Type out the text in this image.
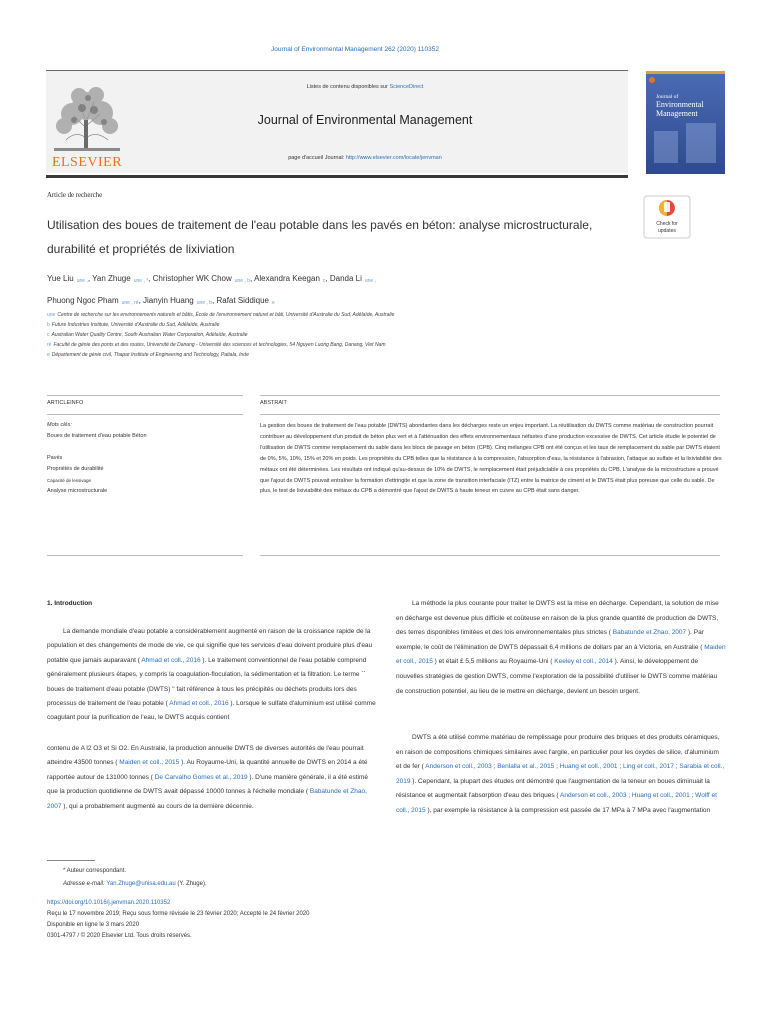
Journal of Environmental Management 262 (2020) 110352
ELSEVIER
Listes de contenu disponibles sur ScienceDirect
Journal of Environmental Management
page d'accueil Journal: http://www.elsevier.com/locate/jenvman
Journal of
Environmental
Management
Article de recherche
Utilisation des boues de traitement de l'eau potable dans les pavés en béton: analyse microstructurale, durabilité et propriétés de lixiviation
Check for
updates
Yue Liu $_{une ,}$, Yan Zhuge $_{une , *}$, Christopher WK Chow $_{une , b}$, Alexandra Keegan $_c$, Danda Li $_{une ,}$
Phuong Ngoc Pham $_{une , ré}$, Jianyin Huang $_{une , b}$, Rafat Siddique $_e$
une Centre de recherche sur les environnements naturels et bâtis, École de l'environnement naturel et bâti, Université d'Australie du Sud, Adélaïde, Australie
b Future Industries Institute, Université d'Australie du Sud, Adélaïde, Australie
c Australian Water Quality Centre, South Australian Water Corporation, Adélaïde, Australie
ré Faculté de génie des ponts et des routes, Université de Danang - Université des sciences et technologies, 54 Nguyen Luong Bang, Danang, Viet Nam
e Département de génie civil, Thapar Institute of Engineering and Technology, Patiala, Inde
ARTICLEINFO	ABSTRAIT
Mots clés:
Boues de traitement d'eau potable Béton
Pavés
Propriétés de durabilité
Capacité de lessivage
Analyse microstructurale
La gestion des boues de traitement de l'eau potable (DWTS) abondantes dans les décharges reste un enjeu important. La réutilisation du DWTS comme matériau de construction pourrait contribuer au développement d'un produit de béton plus vert et à l'atténuation des effets environnementaux néfastes d'une production excessive de DWTS. Cet article étudie le potentiel de l'utilisation de DWTS comme remplacement du sable dans les blocs de pavage en béton (CPB). Cinq mélanges CPB ont été conçus et les taux de remplacement du sable par DWTS étaient de 0%, 5%, 10%, 15% et 20% en poids. Les propriétés du CPB telles que la résistance à la compression, l'absorption d'eau, la résistance à l'abrasion, l'attaque au sulfate et la lixiviabilité des métaux ont été déterminées. Les résultats ont indiqué qu'au-dessus de 10% de DWTS, le remplacement était préjudiciable à ces propriétés du CPB. L'analyse de la microstructure a prouvé que l'ajout de DWTS pouvait entraîner la formation d'ettringite et que la zone de transition interfaciale (ITZ) entre la matrice de ciment et le DWTS était plus poreuse que celle du sable. De plus, le test de lixiviabilité des métaux du CPB a démontré que l'ajout de DWTS à haute teneur en cuivre au CPB était sans danger.
1. Introduction
La demande mondiale d'eau potable a considérablement augmenté en raison de la croissance rapide de la population et des changements de mode de vie, ce qui signifie que les services d'eau doivent produire plus d'eau potable que jamais auparavant ( Ahmad et coll., 2016 ). Le traitement conventionnel de l'eau potable comprend généralement plusieurs étapes, y compris la coagulation-floculation, la sédimentation et la filtration. Le terme `` boues de traitement d'eau potable (DWTS) '' fait référence à tous les précipités ou déchets produits lors des processus de traitement de l'eau potable ( Ahmad et coll., 2016 ). Lorsque le sulfate d'aluminium est utilisé comme coagulant pour la purification de l'eau, le DWTS acquis contient
contenu de A l2 O3 et Si O2. En Australie, la production annuelle DWTS de diverses autorités de l'eau pourrait atteindre 43500 tonnes ( Maiden et coll., 2015 ). Au Royaume-Uni, la quantité annuelle de DWTS en 2014 a été rapportée autour de 131000 tonnes ( De Carvalho Gomes et al., 2019 ). D'une manière générale, il a été estimé que la production quotidienne de DWTS avait dépassé 10000 tonnes à l'échelle mondiale ( Babatunde et Zhao, 2007 ), qui a probablement augmenté au cours de la dernière décennie.
La méthode la plus courante pour traiter le DWTS est la mise en décharge. Cependant, la solution de mise en décharge est devenue plus difficile et coûteuse en raison de la plus grande quantité de production de DWTS, des terres disponibles limitées et des lois environnementales plus strictes ( Babatunde et Zhao, 2007 ). Par exemple, le coût de l'élimination de DWTS dépassait 6,4 millions de dollars par an à Victoria, en Australie ( Maiden et coll., 2015 ) et était £ 5,5 millions au Royaume-Uni ( Keeley et coll., 2014 ). Ainsi, le développement de nouvelles stratégies de gestion DWTS, comme l'exploration de la possibilité d'utiliser le DWTS comme matériau de construction potentiel, au lieu de le mettre en décharge, devient un besoin urgent.
DWTS a été utilisé comme matériau de remplissage pour produire des briques et des produits céramiques, en raison de compositions chimiques similaires avec l'argile, en particulier pour les oxydes de silice, d'aluminium et de fer ( Anderson et coll., 2003 ; Benlalla et al., 2015 ; Huang et coll., 2001 ; Ling et coll., 2017 ; Sarabia et coll., 2019 ). Cependant, la plupart des études ont démontré que l'augmentation de la teneur en boues diminuait la résistance et augmentait l'absorption d'eau des briques ( Anderson et coll., 2003 ; Huang et coll., 2001 ; Wolff et coll., 2015 ), par exemple la résistance à la compression est passée de 17 MPa à 7 MPa avec l'augmentation
* Auteur correspondant.
Adresse e-mail: Yan.Zhuge@unisa.edu.au (Y. Zhuge).
https://doi.org/10.1016/j.jenvman.2020.110352
Reçu le 17 novembre 2019; Reçu sous forme révisée le 23 février 2020; Accepté le 24 février 2020
Disponible en ligne le 3 mars 2020
0301-4797 / © 2020 Elsevier Ltd. Tous droits réservés.
